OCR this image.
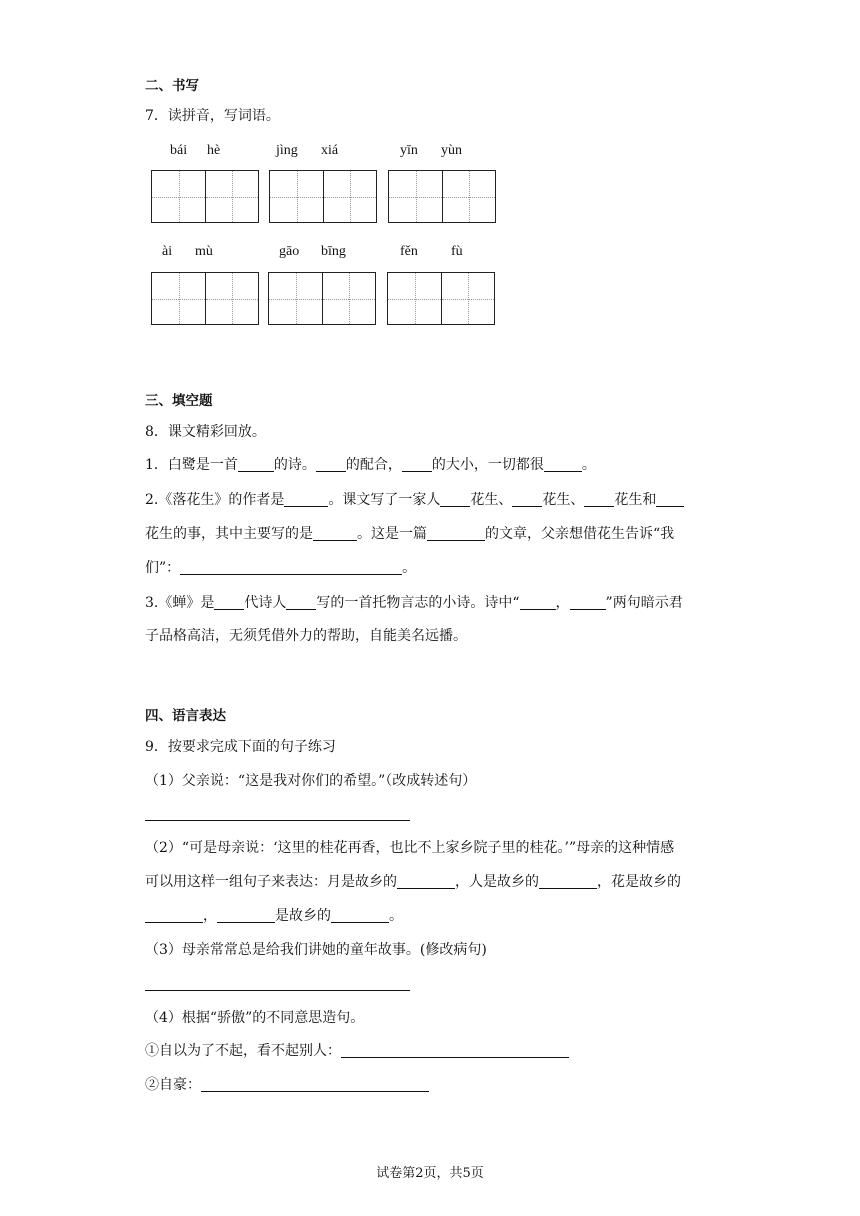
二、书写
7．读拼音，写词语。
bái hè	jìng xiá	yīn yùn
ài mù	gāo bīng	fěn fù
三、填空题
8．课文精彩回放。
1．白鹭是一首	的诗。 的配合， 的大小，一切都很	。
2.《落花生》的作者是	。课文写了一家人 花生、 花生、 花生和
花生的事，其中主要写的是	。这是一篇	的文章，父亲想借花生告诉“我
们”：	。
3.《蝉》是 代诗人 写的一首托物言志的小诗。诗中“	，	”两句暗示君
子品格高洁，无须凭借外力的帮助，自能美名远播。
四、语言表达
9．按要求完成下面的句子练习
（1）父亲说：“这是我对你们的希望。”（改成转述句）
（2）“可是母亲说：‘这里的桂花再香，也比不上家乡院子里的桂花。’”母亲的这种情感
可以用这样一组句子来表达：月是故乡的	，人是故乡的	，花是故乡的
，	是故乡的	。
（3）母亲常常总是给我们讲她的童年故事。(修改病句)
（4）根据“骄傲”的不同意思造句。
①自以为了不起，看不起别人：
②自豪：
试卷第2页，共5页
